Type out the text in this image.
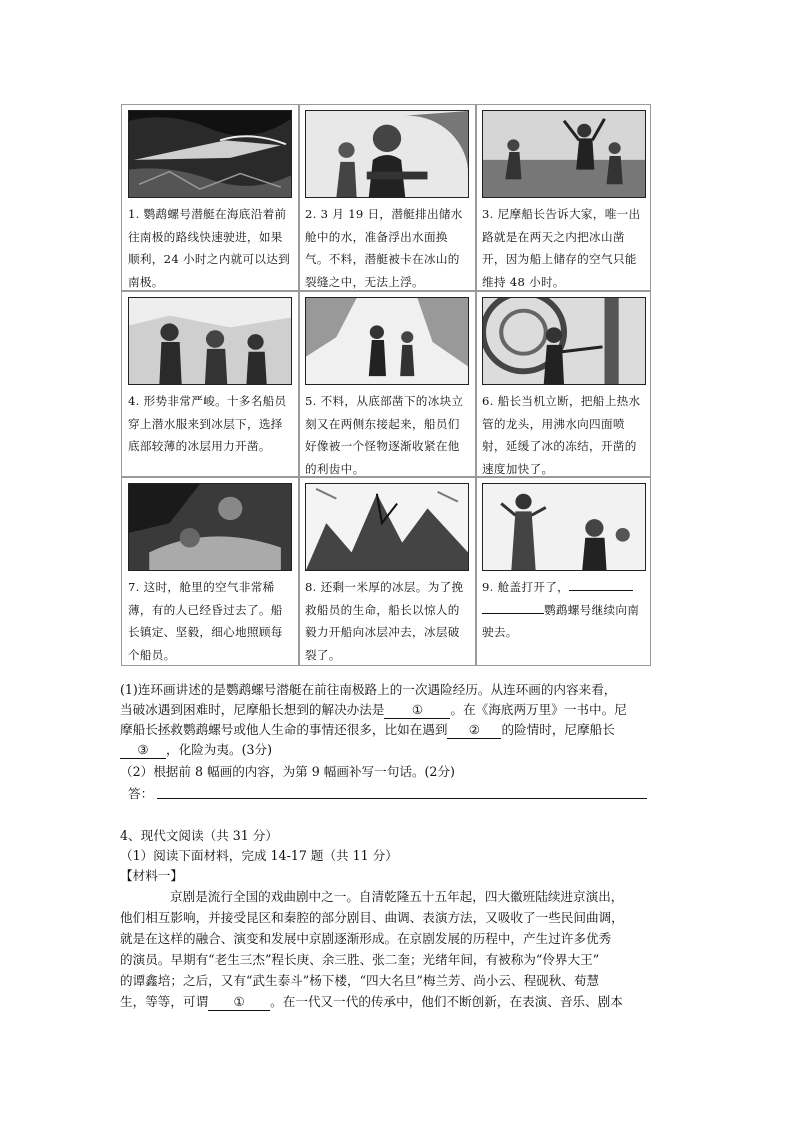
1. 鹦鹉螺号潜艇在海底沿着前往南极的路线快速驶进，如果顺利，24 小时之内就可以达到南极。
2. 3 月 19 日，潜艇排出储水舱中的水，准备浮出水面换气。不料，潜艇被卡在冰山的裂缝之中，无法上浮。
3. 尼摩船长告诉大家，唯一出路就是在两天之内把冰山凿开，因为船上储存的空气只能维持 48 小时。
4. 形势非常严峻。十多名船员穿上潜水服来到冰层下，选择底部较薄的冰层用力开凿。
5. 不料，从底部凿下的冰块立刻又在两侧东接起来，船员们好像被一个怪物逐渐收紧在他的利齿中。
6. 船长当机立断，把船上热水管的龙头，用沸水向四面喷射，延缓了冰的冻结，开凿的速度加快了。
7. 这时，舱里的空气非常稀薄，有的人已经昏过去了。船长镇定、坚毅，细心地照顾每个船员。
8. 还剩一米厚的冰层。为了挽救船员的生命，船长以惊人的毅力开船向冰层冲去，冰层破裂了。
9. 舱盖打开了，
鹦鹉螺号继续向南驶去。
(1)连环画讲述的是鹦鹉螺号潜艇在前往南极路上的一次遇险经历。从连环画的内容来看，
当破冰遇到困难时，尼摩船长想到的解决办法是 ① 。在《海底两万里》一书中。尼
摩船长拯救鹦鹉螺号或他人生命的事情还很多，比如在遇到 ② 的险情时，尼摩船长
③ ，化险为夷。(3分)
（2）根据前 8 幅画的内容，为第 9 幅画补写一句话。(2分)
答：
4、现代文阅读（共 31 分）
（1）阅读下面材料，完成 14-17 题（共 11 分）
【材料一】
京剧是流行全国的戏曲剧中之一。自清乾隆五十五年起，四大徽班陆续进京演出，
他们相互影响，并接受昆区和秦腔的部分剧目、曲调、表演方法，又吸收了一些民间曲调，
就是在这样的融合、演变和发展中京剧逐渐形成。在京剧发展的历程中，产生过许多优秀
的演员。早期有“老生三杰”程长庚、余三胜、张二奎；光绪年间，有被称为“伶界大王”
的谭鑫培；之后，又有“武生泰斗”杨下楼，“四大名旦”梅兰芳、尚小云、程砚秋、荀慧
生，等等，可谓 ① 。在一代又一代的传承中，他们不断创新，在表演、音乐、剧本
